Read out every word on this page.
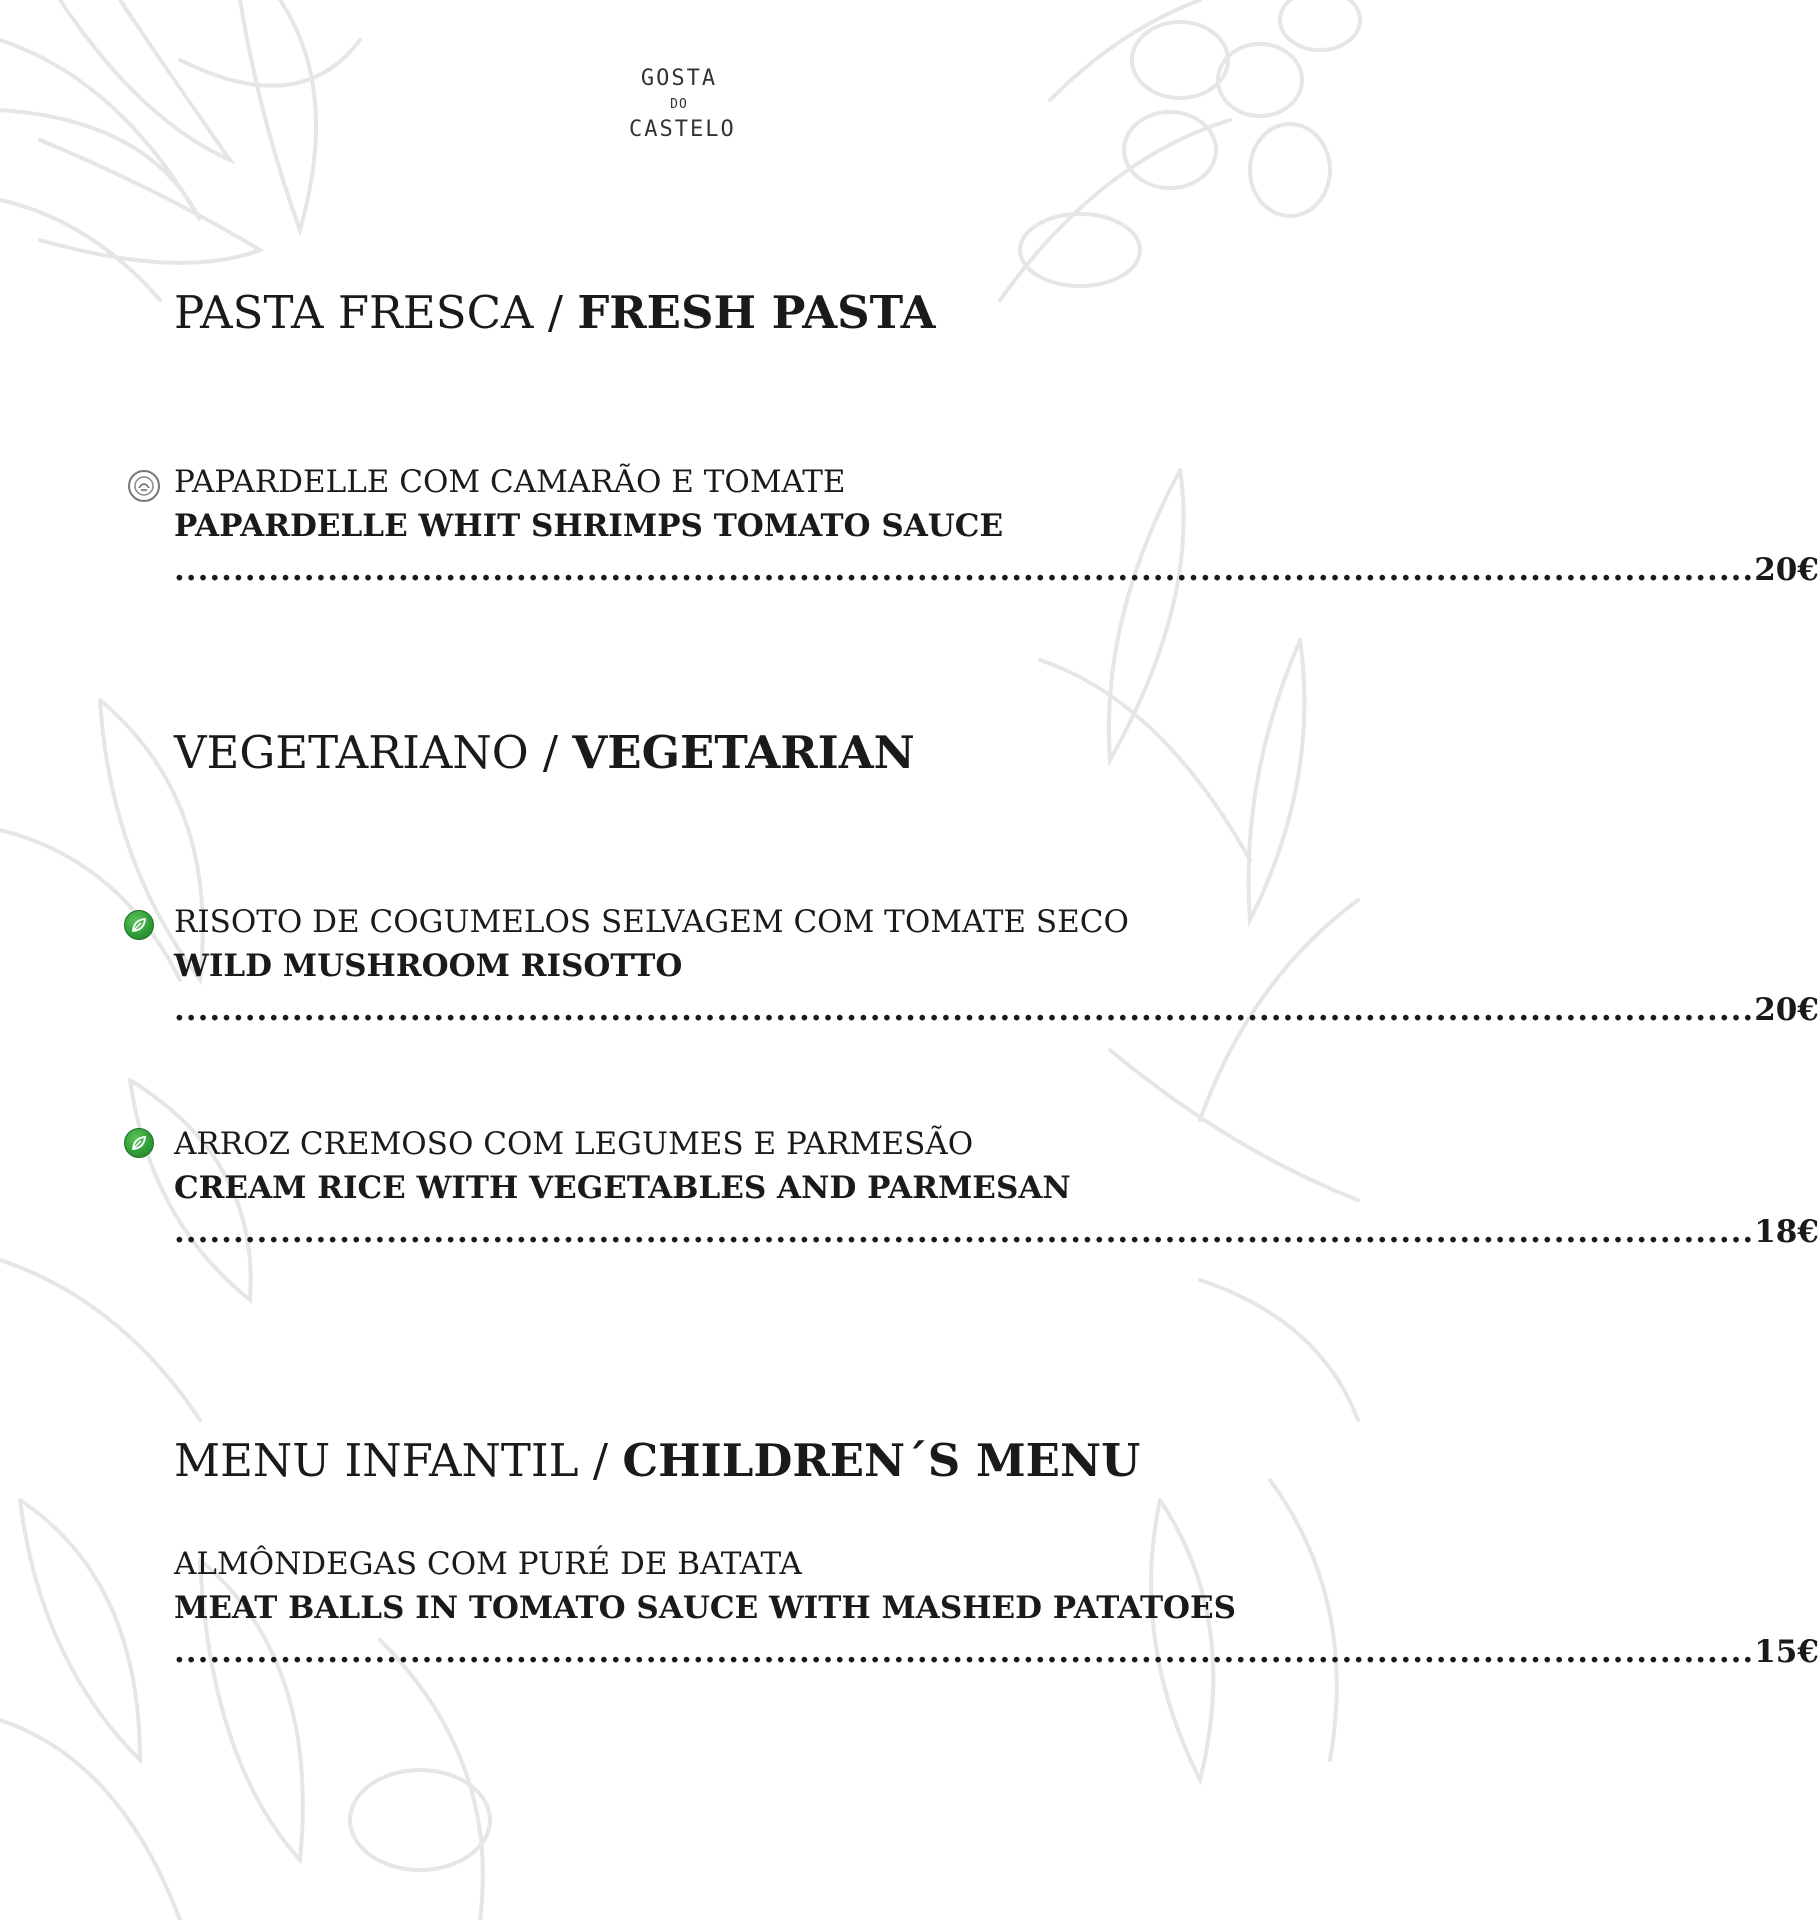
GOSTA
DO
CASTELO
PASTA FRESCA / FRESH PASTA
PAPARDELLE COM CAMARÃO E TOMATE
PAPARDELLE WHIT SHRIMPS TOMATO SAUCE
...................................................................................................................................... 20€
VEGETARIANO / VEGETARIAN
RISOTO DE COGUMELOS SELVAGEM COM TOMATE SECO
WILD MUSHROOM RISOTTO
...................................................................................................................................... 20€
ARROZ CREMOSO COM LEGUMES E PARMESÃO
CREAM RICE WITH VEGETABLES AND PARMESAN
...................................................................................................................................... 18€
MENU INFANTIL / CHILDREN´S MENU
ALMÔNDEGAS COM PURÉ DE BATATA
MEAT BALLS IN TOMATO SAUCE WITH MASHED PATATOES
...................................................................................................................................... 15€
